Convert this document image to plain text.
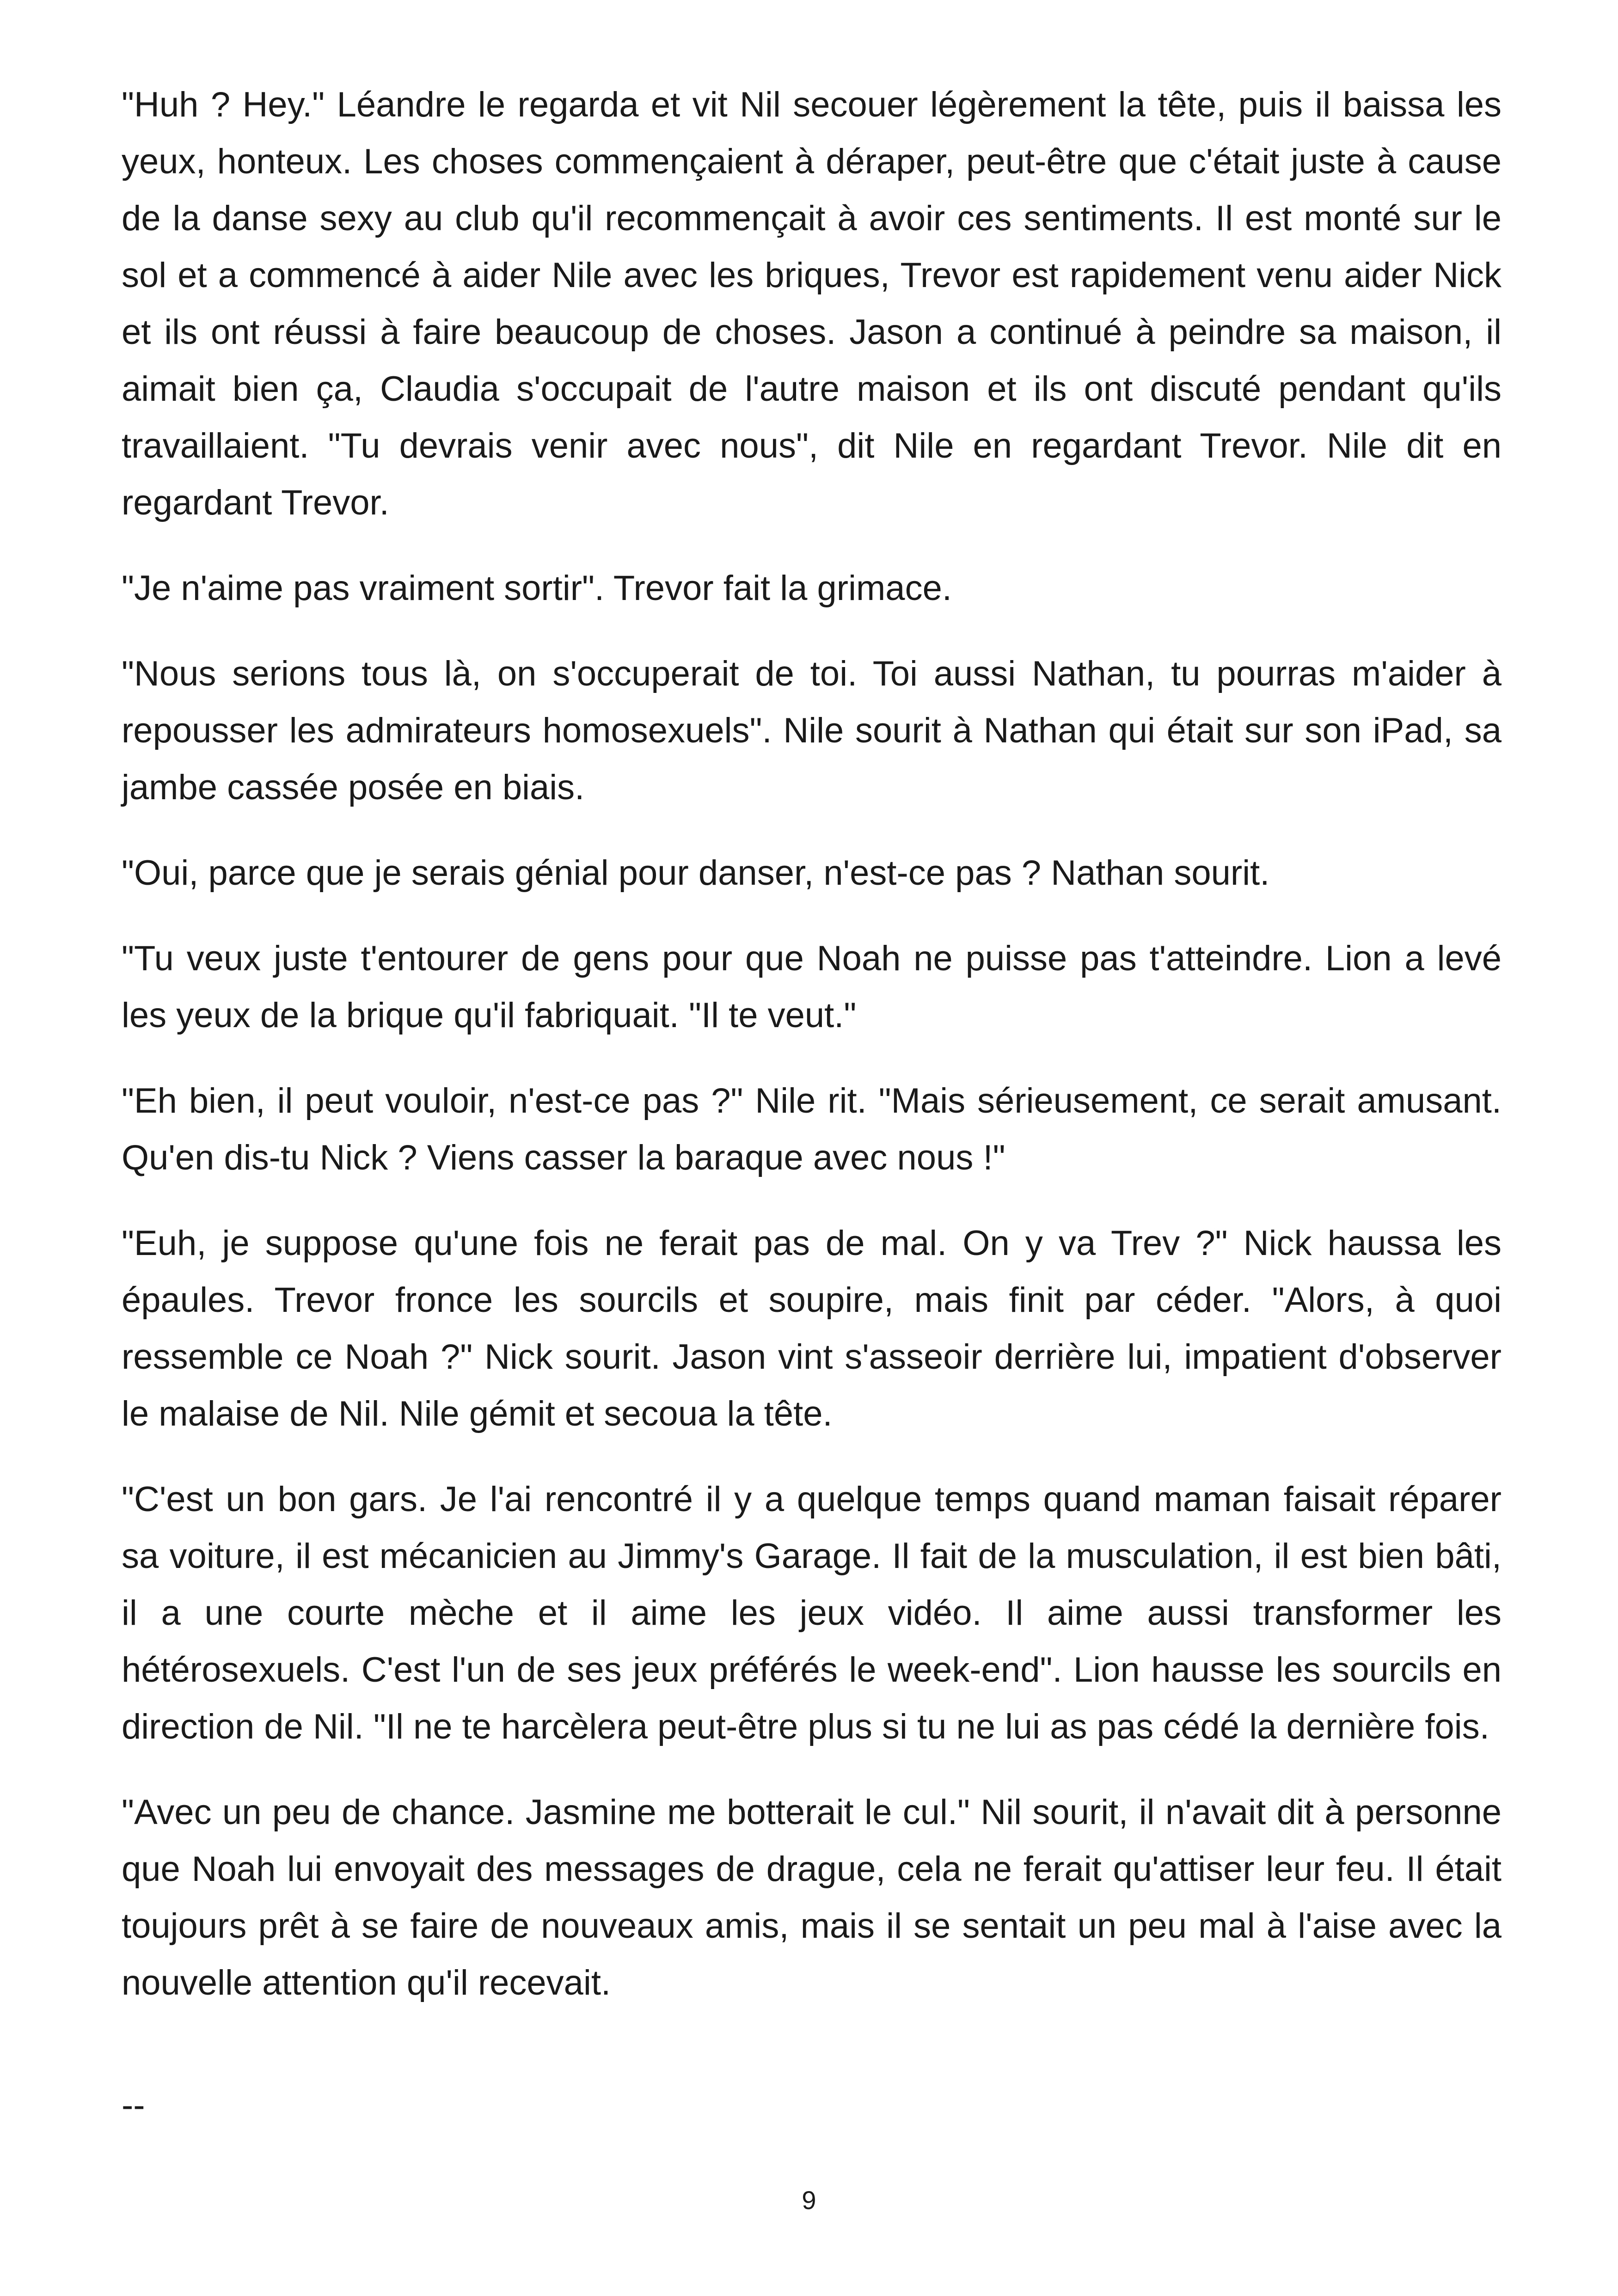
"Huh ? Hey." Léandre le regarda et vit Nil secouer légèrement la tête, puis il baissa les yeux, honteux. Les choses commençaient à déraper, peut-être que c'était juste à cause de la danse sexy au club qu'il recommençait à avoir ces sentiments. Il est monté sur le sol et a commencé à aider Nile avec les briques, Trevor est rapidement venu aider Nick et ils ont réussi à faire beaucoup de choses. Jason a continué à peindre sa maison, il aimait bien ça, Claudia s'occupait de l'autre maison et ils ont discuté pendant qu'ils travaillaient. "Tu devrais venir avec nous", dit Nile en regardant Trevor. Nile dit en regardant Trevor.

"Je n'aime pas vraiment sortir". Trevor fait la grimace.

"Nous serions tous là, on s'occuperait de toi. Toi aussi Nathan, tu pourras m'aider à repousser les admirateurs homosexuels". Nile sourit à Nathan qui était sur son iPad, sa jambe cassée posée en biais.

"Oui, parce que je serais génial pour danser, n'est-ce pas ? Nathan sourit.

"Tu veux juste t'entourer de gens pour que Noah ne puisse pas t'atteindre. Lion a levé les yeux de la brique qu'il fabriquait. "Il te veut."

"Eh bien, il peut vouloir, n'est-ce pas ?" Nile rit. "Mais sérieusement, ce serait amusant. Qu'en dis-tu Nick ? Viens casser la baraque avec nous !"

"Euh, je suppose qu'une fois ne ferait pas de mal. On y va Trev ?" Nick haussa les épaules. Trevor fronce les sourcils et soupire, mais finit par céder. "Alors, à quoi ressemble ce Noah ?" Nick sourit. Jason vint s'asseoir derrière lui, impatient d'observer le malaise de Nil. Nile gémit et secoua la tête.

"C'est un bon gars. Je l'ai rencontré il y a quelque temps quand maman faisait réparer sa voiture, il est mécanicien au Jimmy's Garage. Il fait de la musculation, il est bien bâti, il a une courte mèche et il aime les jeux vidéo. Il aime aussi transformer les hétérosexuels. C'est l'un de ses jeux préférés le week-end". Lion hausse les sourcils en direction de Nil. "Il ne te harcèlera peut-être plus si tu ne lui as pas cédé la dernière fois.

"Avec un peu de chance. Jasmine me botterait le cul." Nil sourit, il n'avait dit à personne que Noah lui envoyait des messages de drague, cela ne ferait qu'attiser leur feu. Il était toujours prêt à se faire de nouveaux amis, mais il se sentait un peu mal à l'aise avec la nouvelle attention qu'il recevait.

--
9
